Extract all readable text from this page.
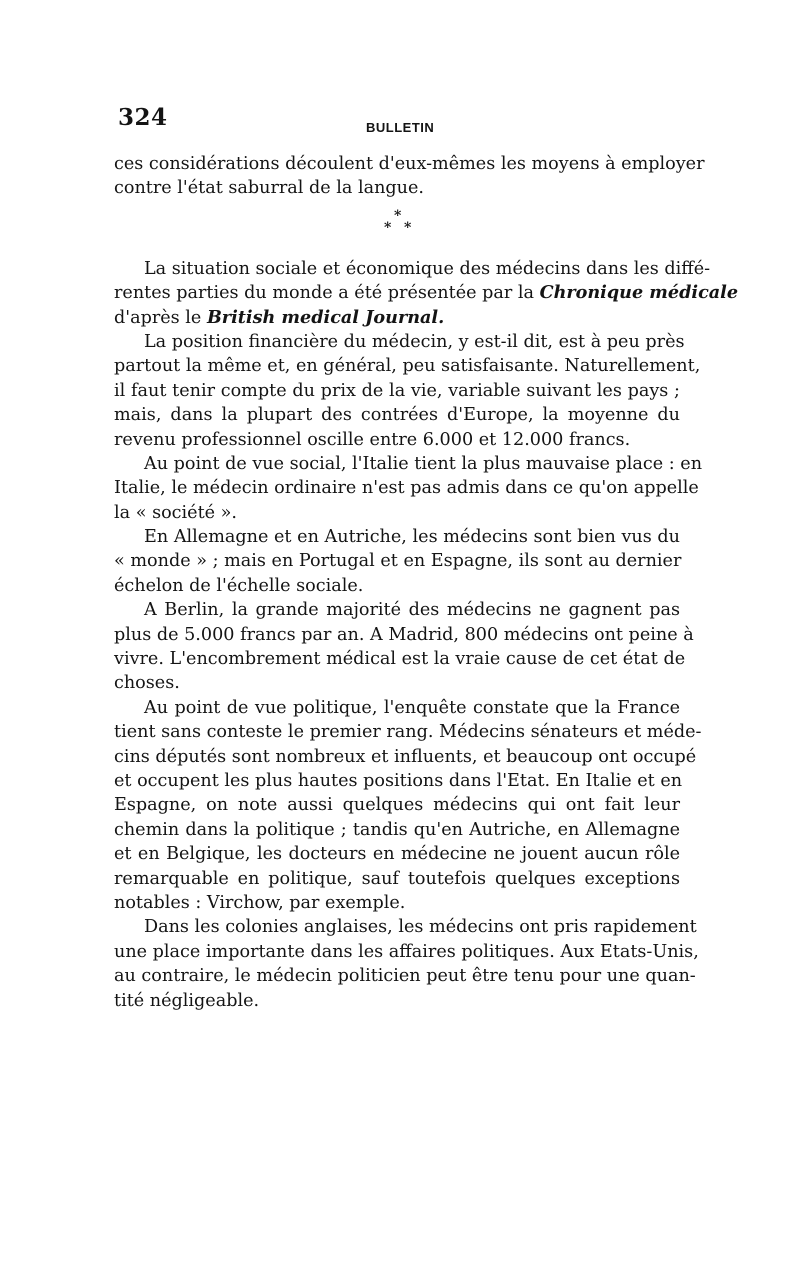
324	BULLETIN
ces considérations découlent d'eux-mêmes les moyens à employer
contre l'état saburral de la langue.
*
* *
La situation sociale et économique des médecins dans les diffé-
rentes parties du monde a été présentée par la Chronique médicale
d'après le British medical Journal.
La position financière du médecin, y est-il dit, est à peu près
partout la même et, en général, peu satisfaisante. Naturellement,
il faut tenir compte du prix de la vie, variable suivant les pays ;
mais, dans la plupart des contrées d'Europe, la moyenne du
revenu professionnel oscille entre 6.000 et 12.000 francs.
Au point de vue social, l'Italie tient la plus mauvaise place : en
Italie, le médecin ordinaire n'est pas admis dans ce qu'on appelle
la « société ».
En Allemagne et en Autriche, les médecins sont bien vus du
« monde » ; mais en Portugal et en Espagne, ils sont au dernier
échelon de l'échelle sociale.
A Berlin, la grande majorité des médecins ne gagnent pas
plus de 5.000 francs par an. A Madrid, 800 médecins ont peine à
vivre. L'encombrement médical est la vraie cause de cet état de
choses.
Au point de vue politique, l'enquête constate que la France
tient sans conteste le premier rang. Médecins sénateurs et méde-
cins députés sont nombreux et influents, et beaucoup ont occupé
et occupent les plus hautes positions dans l'Etat. En Italie et en
Espagne, on note aussi quelques médecins qui ont fait leur
chemin dans la politique ; tandis qu'en Autriche, en Allemagne
et en Belgique, les docteurs en médecine ne jouent aucun rôle
remarquable en politique, sauf toutefois quelques exceptions
notables : Virchow, par exemple.
Dans les colonies anglaises, les médecins ont pris rapidement
une place importante dans les affaires politiques. Aux Etats-Unis,
au contraire, le médecin politicien peut être tenu pour une quan-
tité négligeable.
